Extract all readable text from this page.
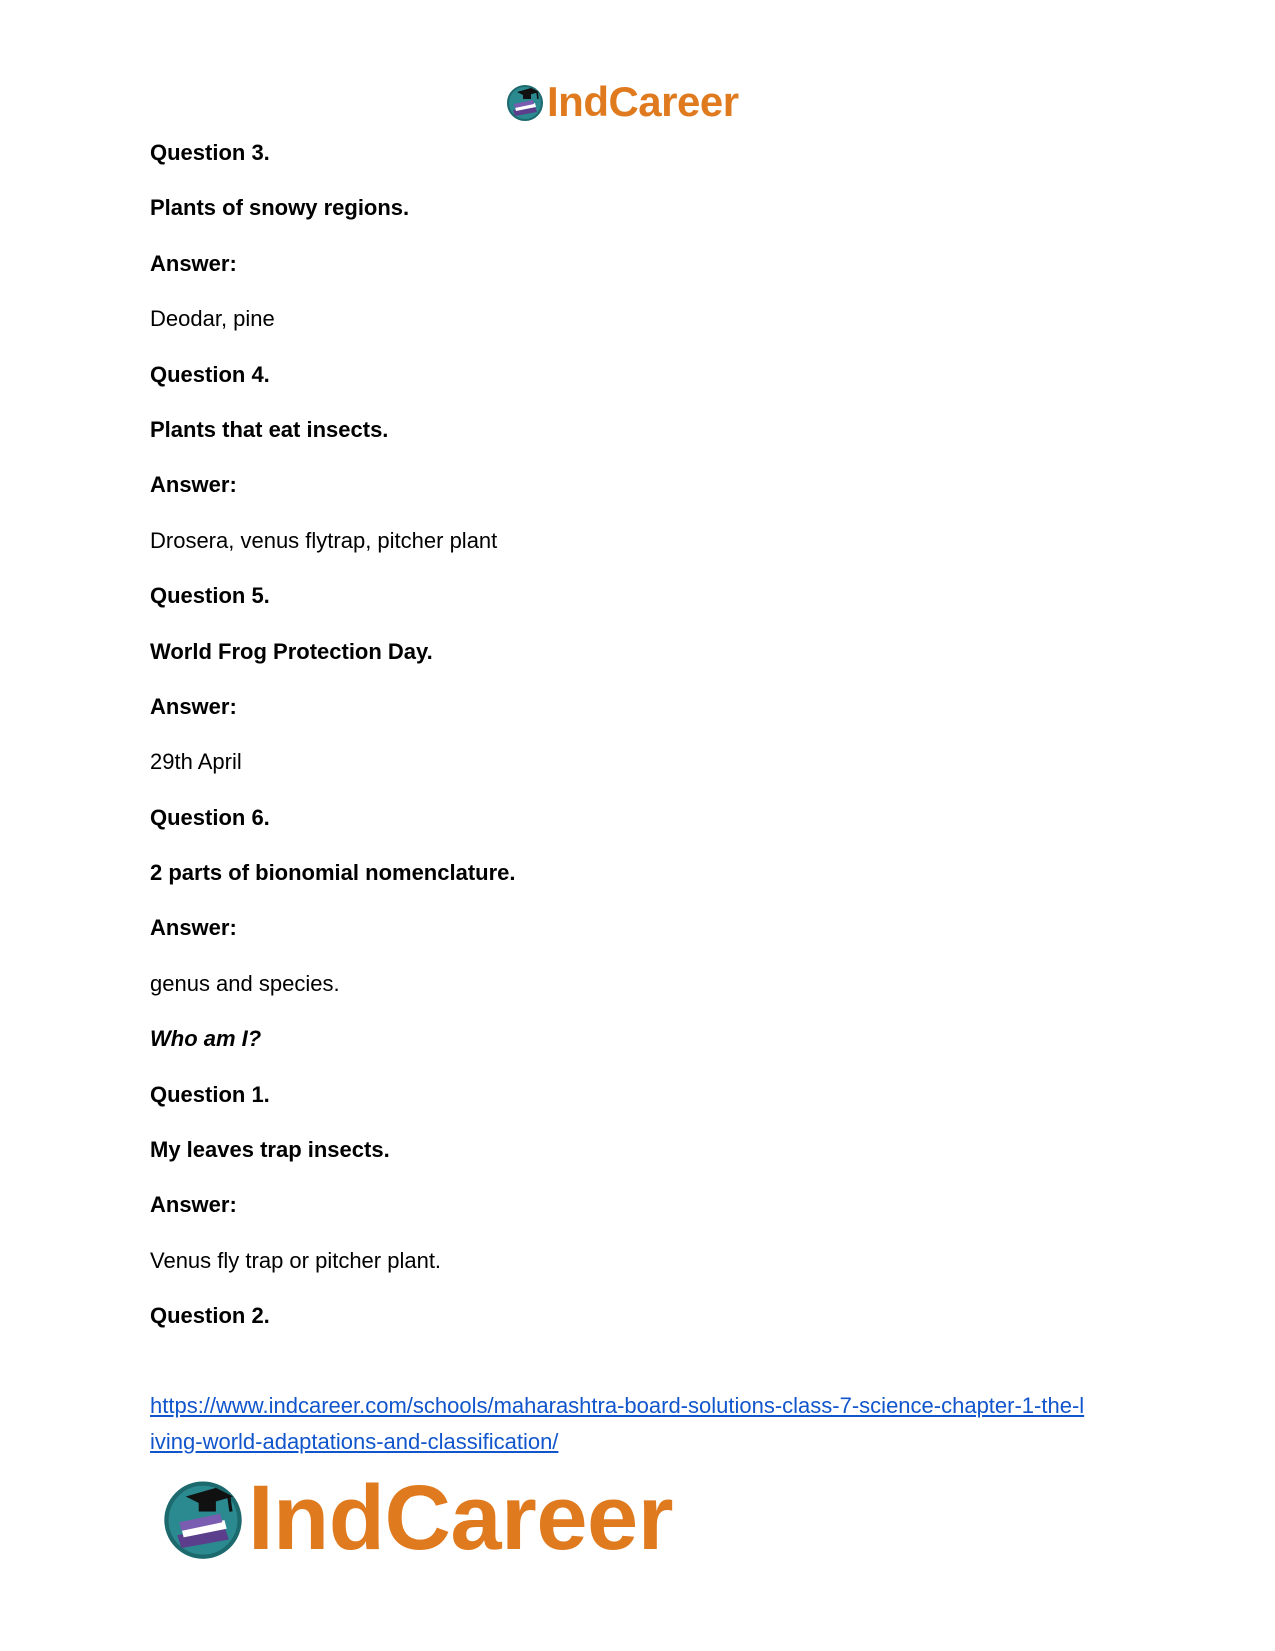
IndCareer
Question 3.
Plants of snowy regions.
Answer:
Deodar, pine
Question 4.
Plants that eat insects.
Answer:
Drosera, venus flytrap, pitcher plant
Question 5.
World Frog Protection Day.
Answer:
29th April
Question 6.
2 parts of bionomial nomenclature.
Answer:
genus and species.
Who am I?
Question 1.
My leaves trap insects.
Answer:
Venus fly trap or pitcher plant.
Question 2.
https://www.indcareer.com/schools/maharashtra-board-solutions-class-7-science-chapter-1-the-l
iving-world-adaptations-and-classification/
IndCareer
